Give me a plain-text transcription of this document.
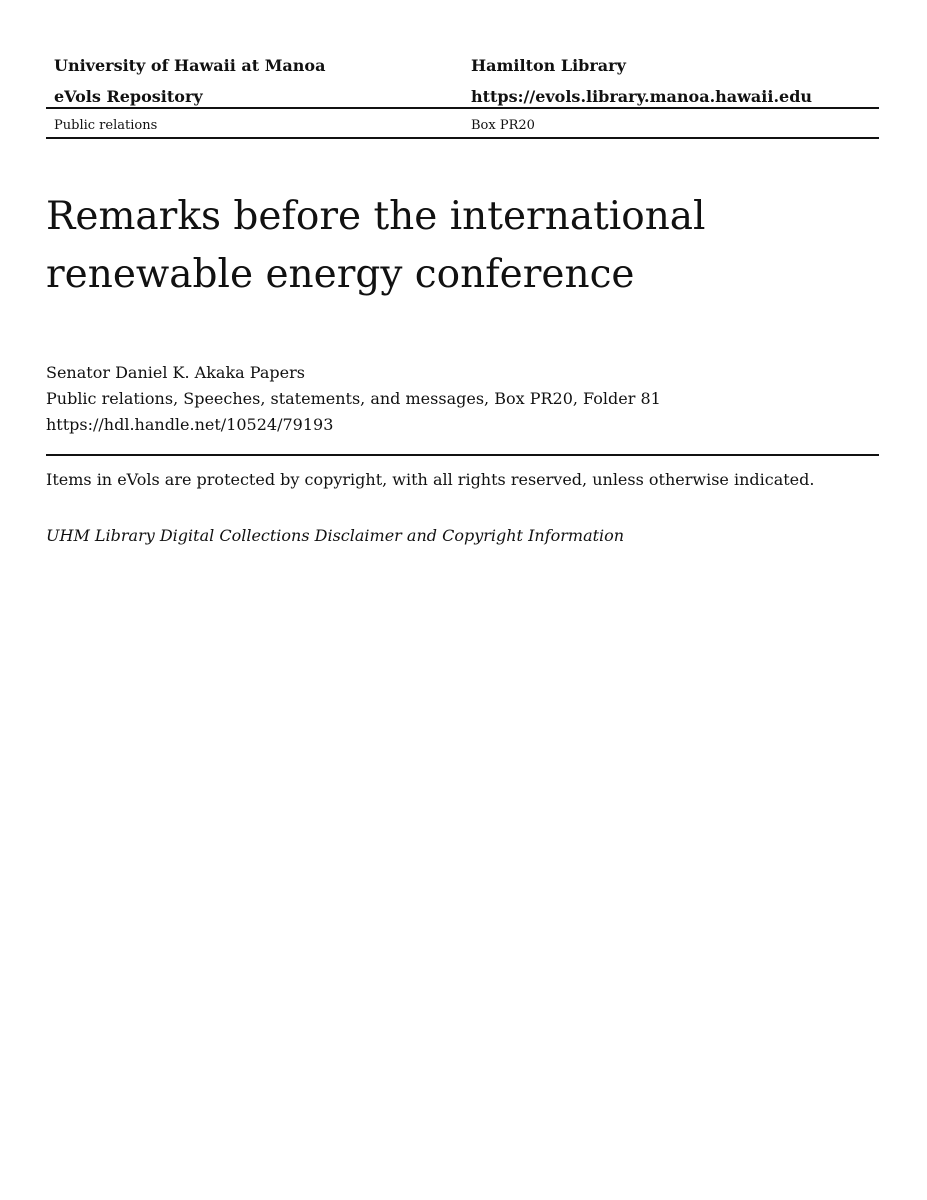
University of Hawaii at Manoa	Hamilton Library
eVols Repository	https://evols.library.manoa.hawaii.edu
Public relations	Box PR20
Remarks before the international
renewable energy conference
Senator Daniel K. Akaka Papers
Public relations, Speeches, statements, and messages, Box PR20, Folder 81
https://hdl.handle.net/10524/79193
Items in eVols are protected by copyright, with all rights reserved, unless otherwise indicated.
UHM Library Digital Collections Disclaimer and Copyright Information
